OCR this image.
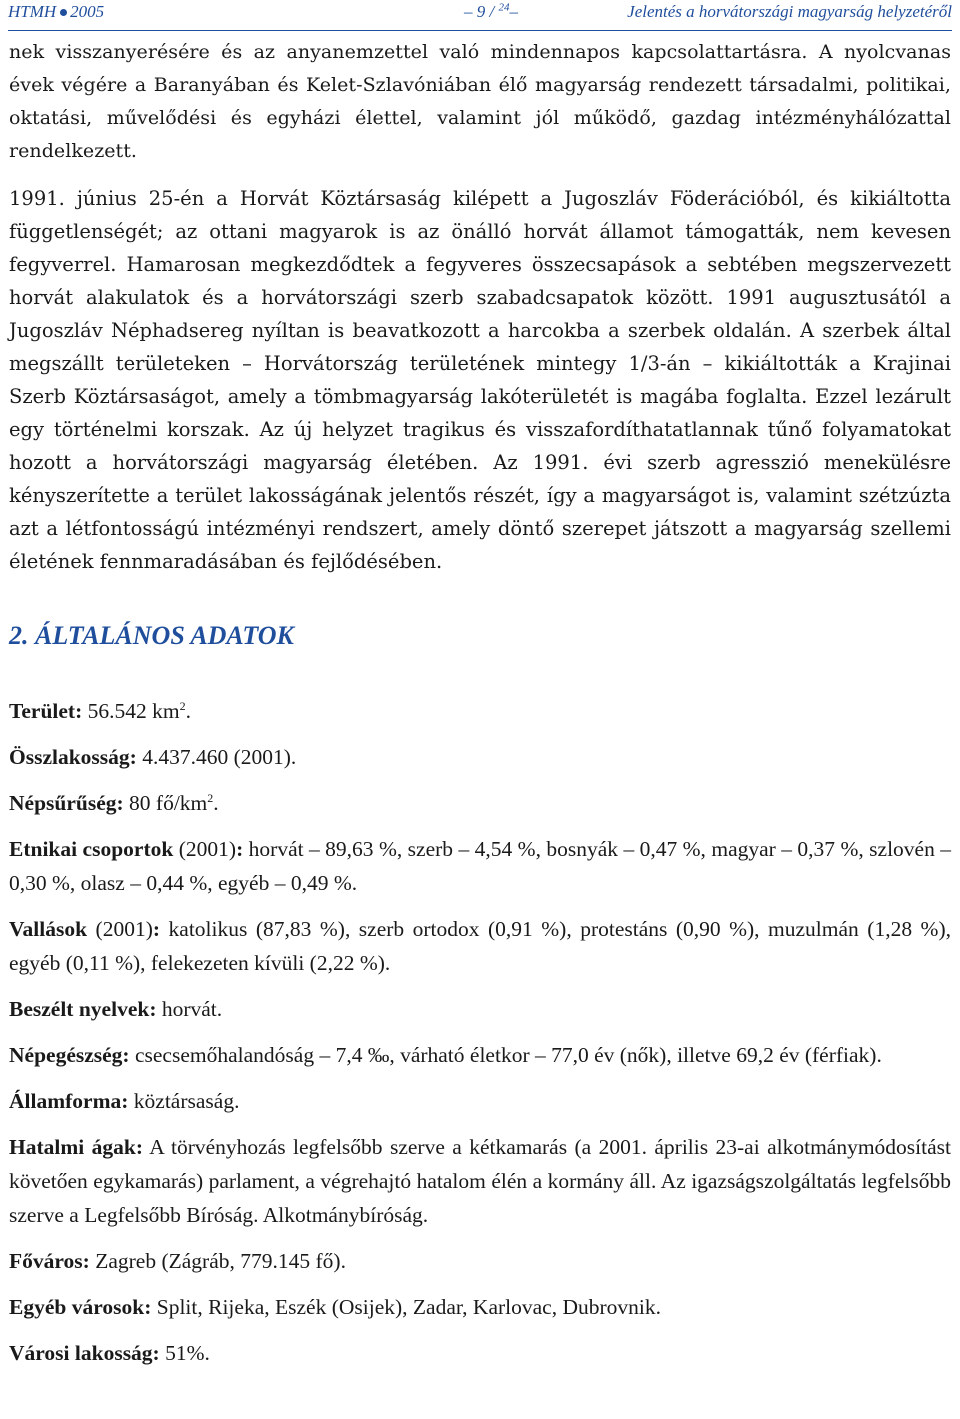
HTMH 2005	– 9 / $^{24}$–	Jelentés a horvátországi magyarság helyzetéről

nek visszanyerésére és az anyanemzettel való mindennapos kapcsolattartásra. A nyolcvanas évek végére a Baranyában és Kelet-Szlavóniában élő magyarság rendezett társadalmi, politikai, oktatási, művelődési és egyházi élettel, valamint jól működő, gazdag intézményhálózattal rendelkezett.

1991. június 25-én a Horvát Köztársaság kilépett a Jugoszláv Föderációból, és kikiáltotta függetlenségét; az ottani magyarok is az önálló horvát államot támogatták, nem kevesen fegyverrel. Hamarosan megkezdődtek a fegyveres összecsapások a sebtében megszervezett horvát alakulatok és a horvátországi szerb szabadcsapatok között. 1991 augusztusától a Jugoszláv Néphadsereg nyíltan is beavatkozott a harcokba a szerbek oldalán. A szerbek által megszállt területeken – Horvátország területének mintegy 1/3-án – kikiáltották a Krajinai Szerb Köztársaságot, amely a tömbmagyarság lakóterületét is magába foglalta. Ezzel lezárult egy történelmi korszak. Az új helyzet tragikus és visszafordíthatatlannak tűnő folyamatokat hozott a horvátországi magyarság életében. Az 1991. évi szerb agresszió menekülésre kényszerítette a terület lakosságának jelentős részét, így a magyarságot is, valamint szétzúzta azt a létfontosságú intézményi rendszert, amely döntő szerepet játszott a magyarság szellemi életének fennmaradásában és fejlődésében.

2. ÁLTALÁNOS ADATOK

Terület: 56.542 $km^2$.

Összlakosság: 4.437.460 (2001).

Népsűrűség: 80 $fő/km^2$.

Etnikai csoportok (2001): horvát – 89,63 %, szerb – 4,54 %, bosnyák – 0,47 %, magyar – 0,37 %, szlovén – 0,30 %, olasz – 0,44 %, egyéb – 0,49 %.

Vallások (2001): katolikus (87,83 %), szerb ortodox (0,91 %), protestáns (0,90 %), muzulmán (1,28 %), egyéb (0,11 %), felekezeten kívüli (2,22 %).

Beszélt nyelvek: horvát.

Népegészség: csecsemőhalandóság – 7,4 ‰, várható életkor – 77,0 év (nők), illetve 69,2 év (férfiak).

Államforma: köztársaság.

Hatalmi ágak: A törvényhozás legfelsőbb szerve a kétkamarás (a 2001. április 23-ai alkotmánymódosítást követően egykamarás) parlament, a végrehajtó hatalom élén a kormány áll. Az igazságszolgáltatás legfelsőbb szerve a Legfelsőbb Bíróság. Alkotmánybíróság.

Főváros: Zagreb (Zágráb, 779.145 fő).

Egyéb városok: Split, Rijeka, Eszék (Osijek), Zadar, Karlovac, Dubrovnik.

Városi lakosság: 51%.
